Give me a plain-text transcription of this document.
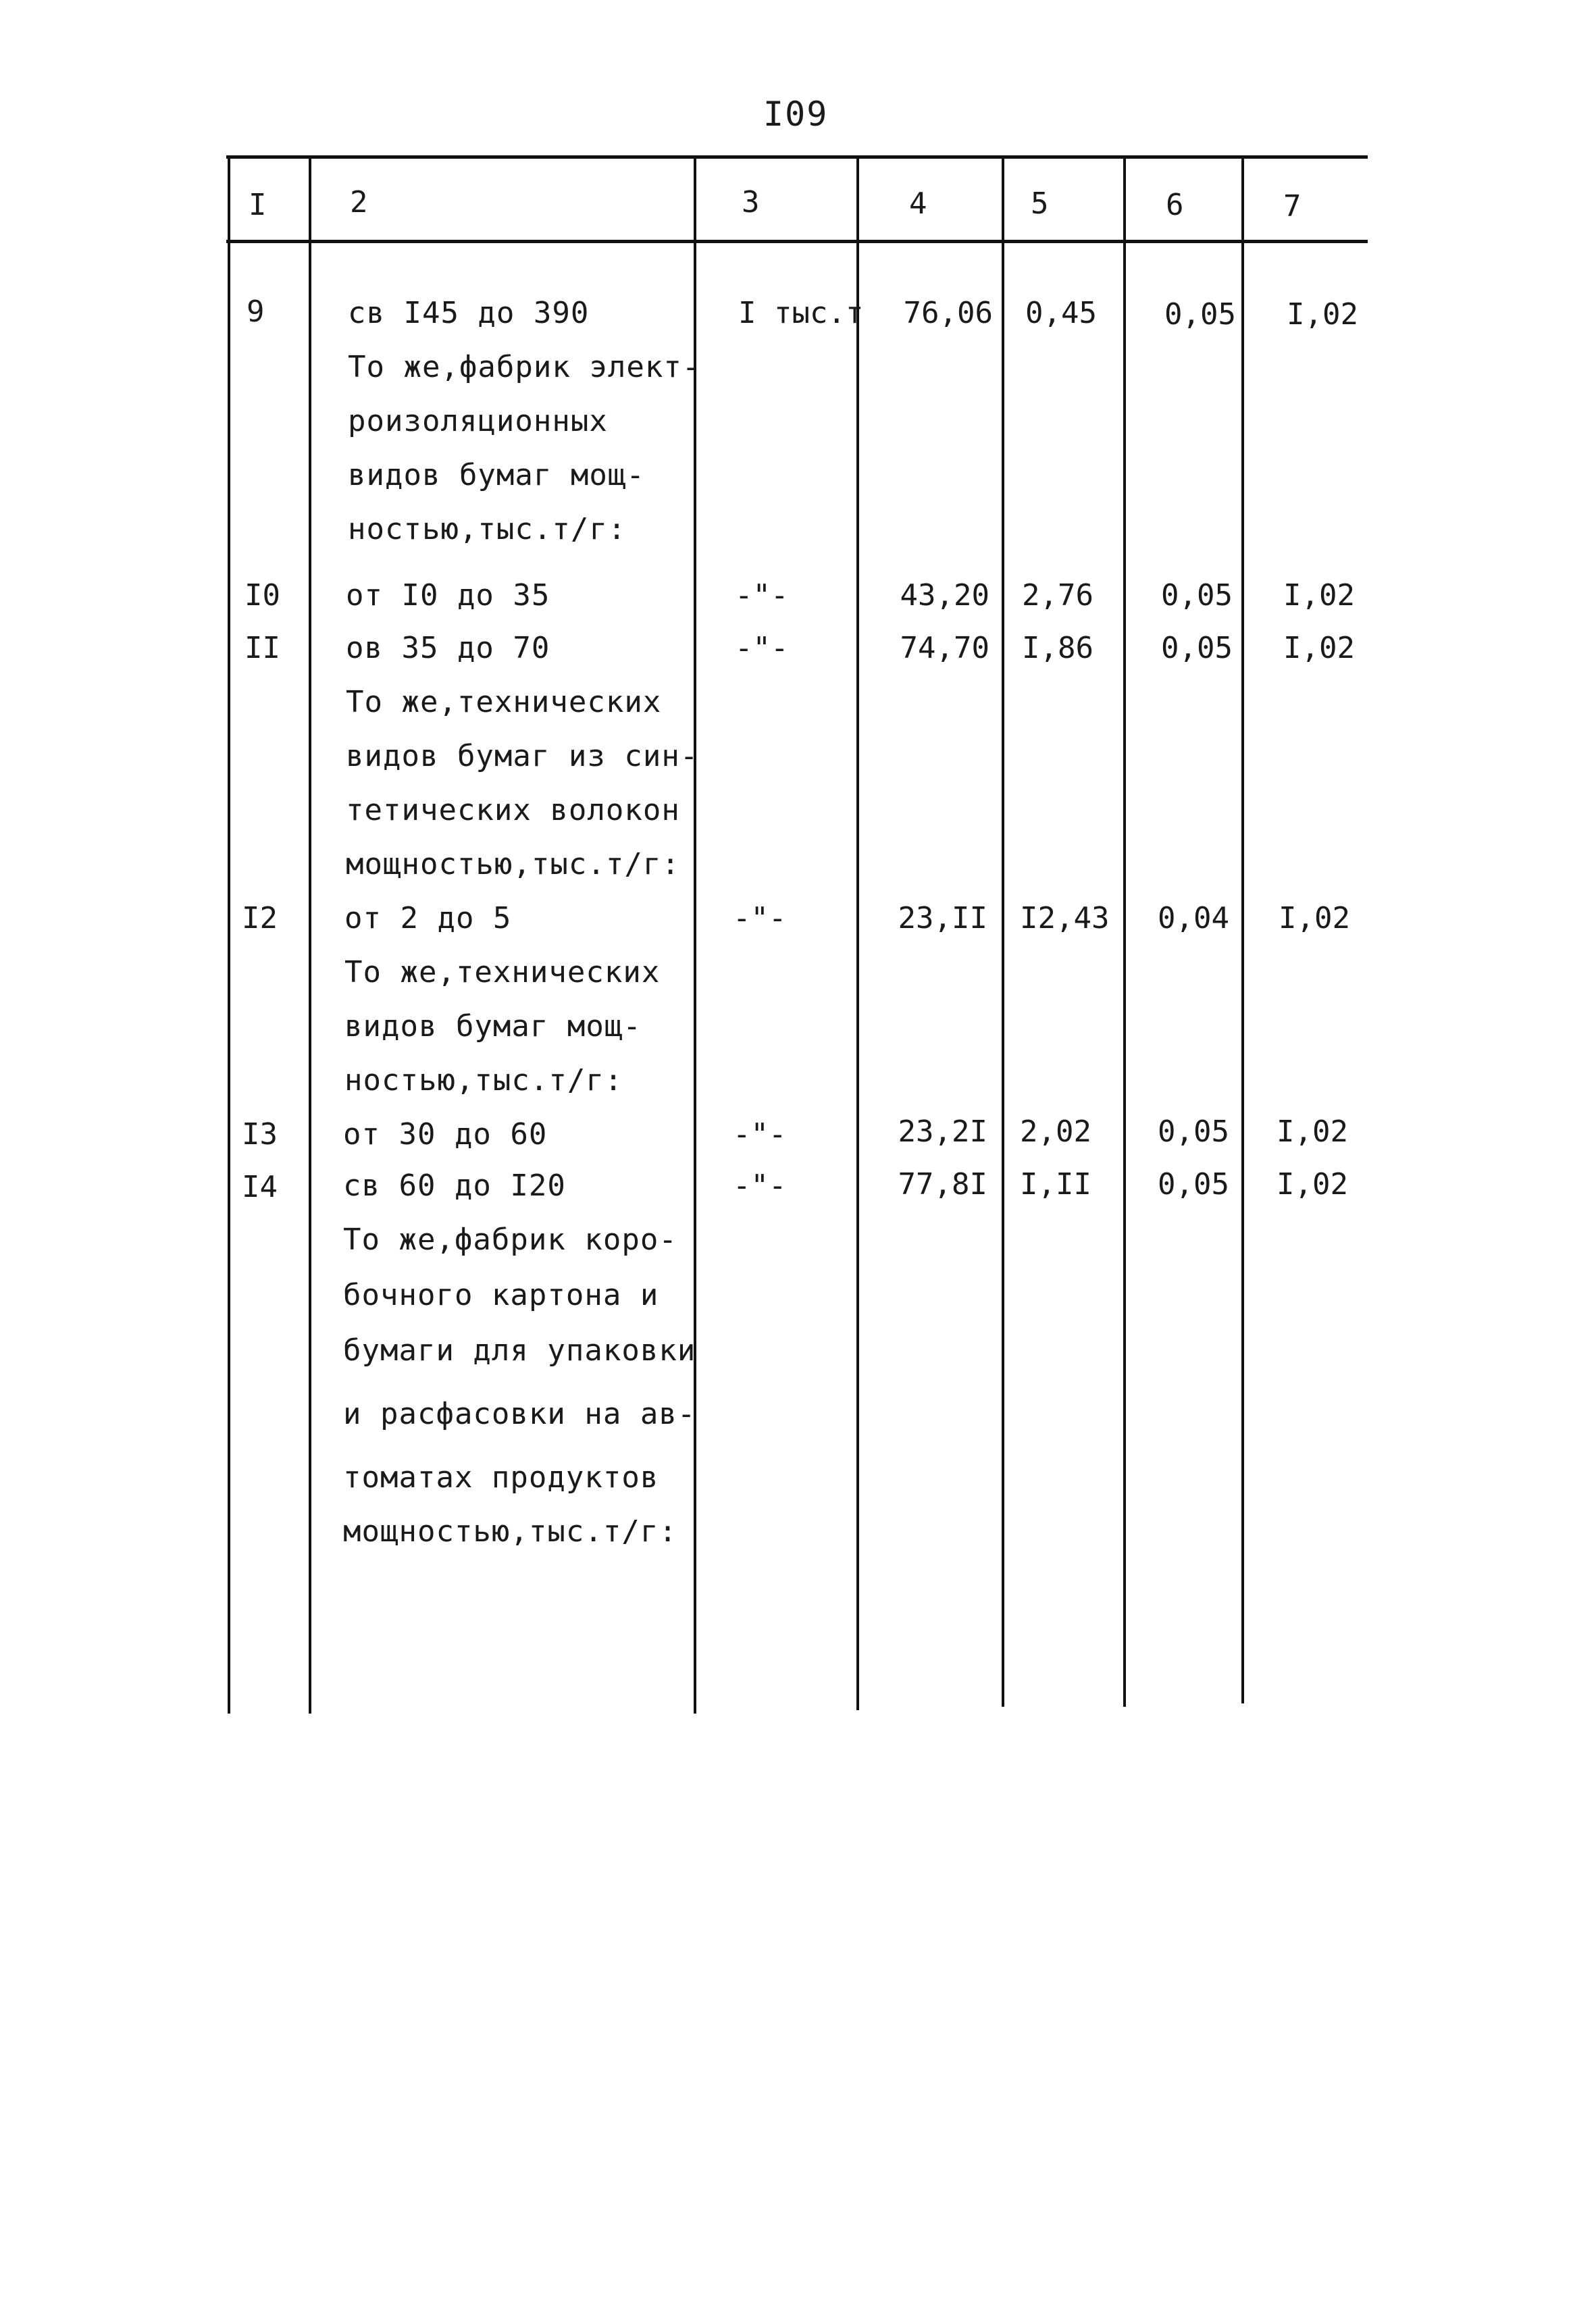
I09
I	2	3	4	5	6	7
9	св I45 до 390	I тыс.т	76,06 0,45	0,05 I,02
То же,фабрик элект-
роизоляционных
видов бумаг мощ-
ностью,тыс.т/г:
I0 от I0 до 35	-"-	43,20 2,76	0,05 I,02
II ов 35 до 70	-"-	74,70 I,86	0,05 I,02
То же,технических
видов бумаг из син-
тетических волокон
мощностью,тыс.т/г:
I2 от 2 до 5	-"-	23,II I2,43	0,04 I,02
То же,технических
видов бумаг мощ-
ностью,тыс.т/г:
I3 от 30 до 60	-"-	23,2I 2,02	0,05 I,02
I4 св 60 до I20	-"-	77,8I I,II	0,05 I,02
То же,фабрик коро-
бочного картона и
бумаги для упаковки
и расфасовки на ав-
томатах продуктов
мощностью,тыс.т/г:
